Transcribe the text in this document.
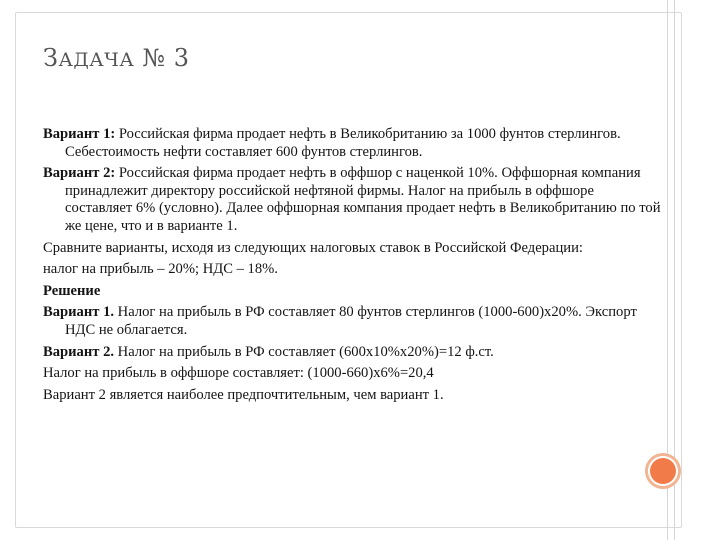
ЗАДАЧА № 3

Вариант 1: Российская фирма продает нефть в Великобританию за 1000 фунтов стерлингов. Себестоимость нефти составляет 600 фунтов стерлингов.

Вариант 2: Российская фирма продает нефть в оффшор с наценкой 10%. Оффшорная компания принадлежит директору российской нефтяной фирмы. Налог на прибыль в оффшоре составляет 6% (условно). Далее оффшорная компания продает нефть в Великобританию по той же цене, что и в варианте 1.

Сравните варианты, исходя из следующих налоговых ставок в Российской Федерации:

налог на прибыль – 20%; НДС – 18%.

Решение

Вариант 1. Налог на прибыль в РФ составляет 80 фунтов стерлингов (1000-600)x20%. Экспорт НДС не облагается.

Вариант 2. Налог на прибыль в РФ составляет (600x10%x20%)=12 ф.ст.

Налог на прибыль в оффшоре составляет: (1000-660)x6%=20,4

Вариант 2 является наиболее предпочтительным, чем вариант 1.
